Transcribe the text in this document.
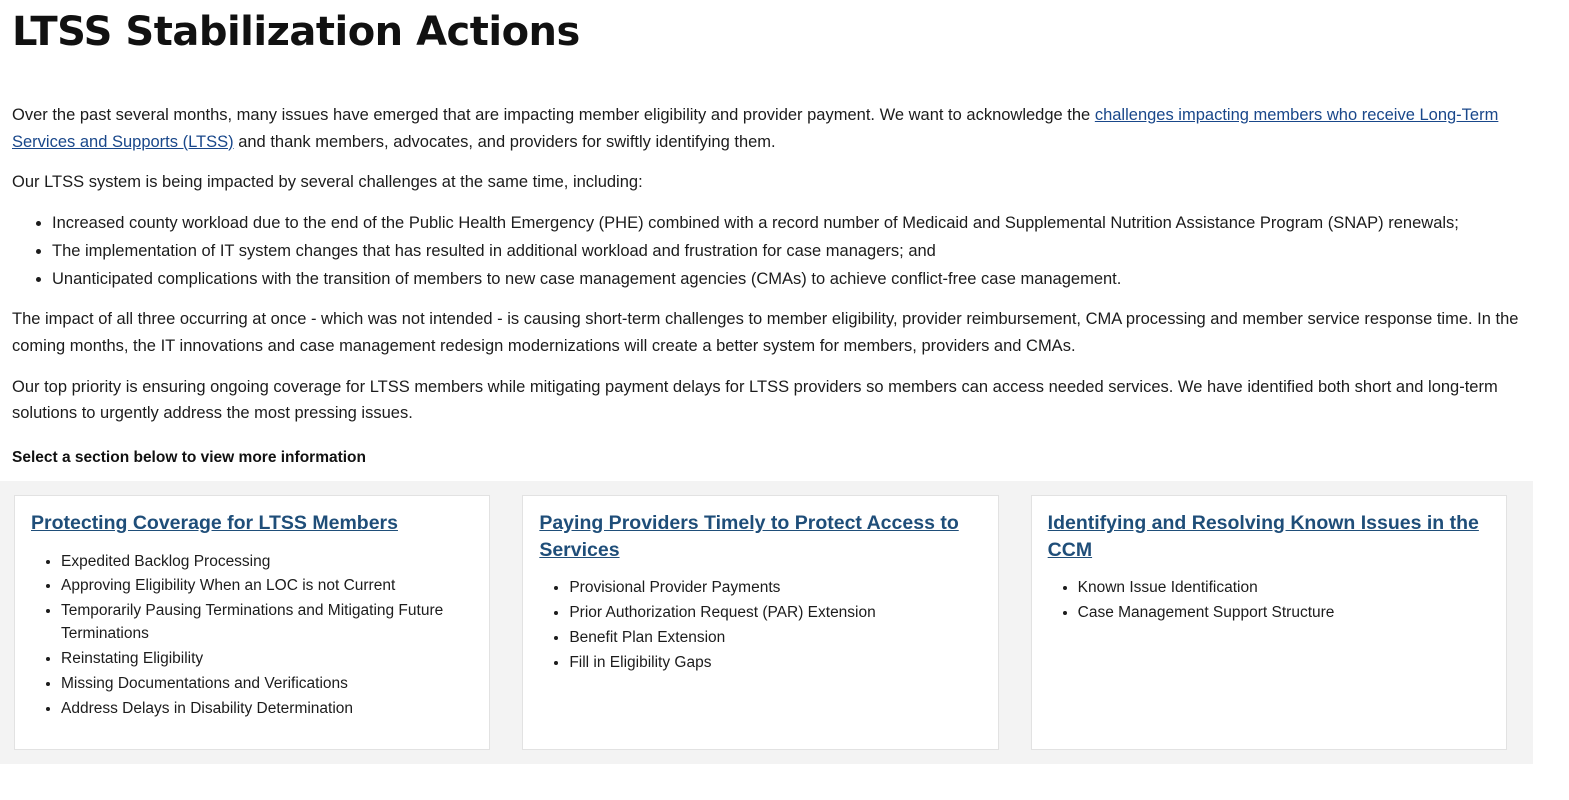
LTSS Stabilization Actions

Over the past several months, many issues have emerged that are impacting member eligibility and provider payment. We want to acknowledge the challenges impacting members who receive Long-Term Services and Supports (LTSS) and thank members, advocates, and providers for swiftly identifying them.

Our LTSS system is being impacted by several challenges at the same time, including:

• Increased county workload due to the end of the Public Health Emergency (PHE) combined with a record number of Medicaid and Supplemental Nutrition Assistance Program (SNAP) renewals;
• The implementation of IT system changes that has resulted in additional workload and frustration for case managers; and
• Unanticipated complications with the transition of members to new case management agencies (CMAs) to achieve conflict-free case management.

The impact of all three occurring at once - which was not intended - is causing short-term challenges to member eligibility, provider reimbursement, CMA processing and member service response time. In the coming months, the IT innovations and case management redesign modernizations will create a better system for members, providers and CMAs.

Our top priority is ensuring ongoing coverage for LTSS members while mitigating payment delays for LTSS providers so members can access needed services. We have identified both short and long-term solutions to urgently address the most pressing issues.

Select a section below to view more information

Protecting Coverage for LTSS Members
• Expedited Backlog Processing
• Approving Eligibility When an LOC is not Current
• Temporarily Pausing Terminations and Mitigating Future Terminations
• Reinstating Eligibility
• Missing Documentations and Verifications
• Address Delays in Disability Determination
Paying Providers Timely to Protect Access to Services
• Provisional Provider Payments
• Prior Authorization Request (PAR) Extension
• Benefit Plan Extension
• Fill in Eligibility Gaps
Identifying and Resolving Known Issues in the CCM
• Known Issue Identification
• Case Management Support Structure
